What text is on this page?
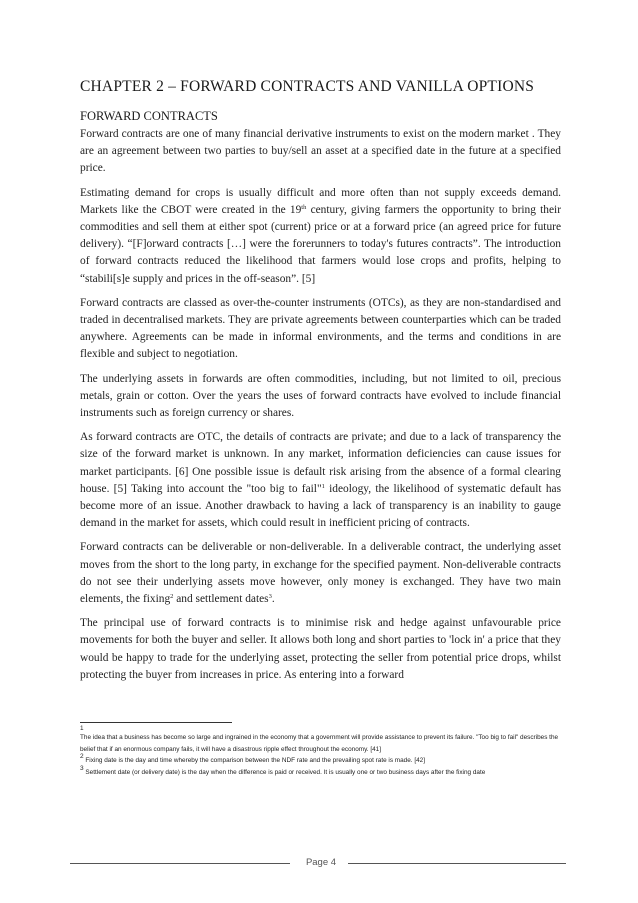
CHAPTER 2 – FORWARD CONTRACTS AND VANILLA OPTIONS
FORWARD CONTRACTS

Forward contracts are one of many financial derivative instruments to exist on the modern market . They are an agreement between two parties to buy/sell an asset at a specified date in the future at a specified price.

Estimating demand for crops is usually difficult and more often than not supply exceeds demand. Markets like the CBOT were created in the 19th century, giving farmers the opportunity to bring their commodities and sell them at either spot (current) price or at a forward price (an agreed price for future delivery). “[F]orward contracts […] were the forerunners to today's futures contracts”. The introduction of forward contracts reduced the likelihood that farmers would lose crops and profits, helping to “stabili[s]e supply and prices in the off-season”. [5]

Forward contracts are classed as over-the-counter instruments (OTCs), as they are non-standardised and traded in decentralised markets. They are private agreements between counterparties which can be traded anywhere. Agreements can be made in informal environments, and the terms and conditions in are flexible and subject to negotiation.

The underlying assets in forwards are often commodities, including, but not limited to oil, precious metals, grain or cotton. Over the years the uses of forward contracts have evolved to include financial instruments such as foreign currency or shares.

As forward contracts are OTC, the details of contracts are private; and due to a lack of transparency the size of the forward market is unknown. In any market, information deficiencies can cause issues for market participants. [6] One possible issue is default risk arising from the absence of a formal clearing house. [5] Taking into account the "too big to fail"$^1$ ideology, the likelihood of systematic default has become more of an issue. Another drawback to having a lack of transparency is an inability to gauge demand in the market for assets, which could result in inefficient pricing of contracts.

Forward contracts can be deliverable or non-deliverable. In a deliverable contract, the underlying asset moves from the short to the long party, in exchange for the specified payment. Non-deliverable contracts do not see their underlying assets move however, only money is exchanged. They have two main elements, the fixing$^2$ and settlement dates$^3$.

The principal use of forward contracts is to minimise risk and hedge against unfavourable price movements for both the buyer and seller. It allows both long and short parties to 'lock in' a price that they would be happy to trade for the underlying asset, protecting the seller from potential price drops, whilst protecting the buyer from increases in price. As entering into a forward

1
The idea that a business has become so large and ingrained in the economy that a government will provide assistance to prevent its failure. "Too big to fail" describes the belief that if an enormous company fails, it will have a disastrous ripple effect throughout the economy. [41]
$^2$ Fixing date is the day and time whereby the comparison between the NDF rate and the prevailing spot rate is made. [42]
$^3$ Settlement date (or delivery date) is the day when the difference is paid or received. It is usually one or two business days after the fixing date
Page 4
